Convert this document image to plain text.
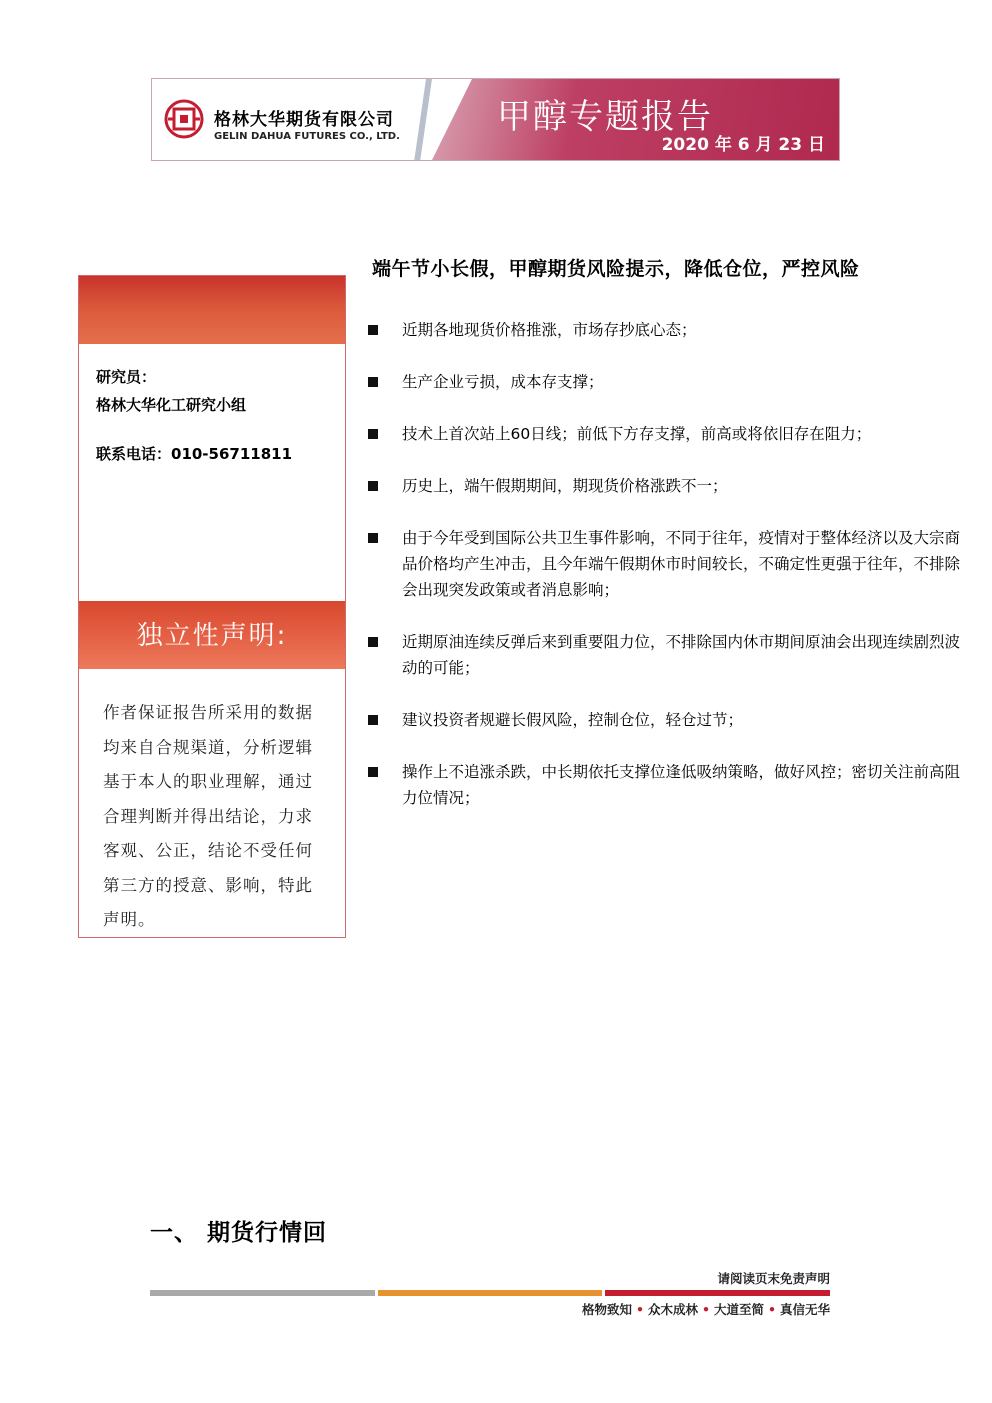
格林大华期货有限公司
GELIN DAHUA FUTURES CO., LTD.	甲醇专题报告
2020 年 6 月 23 日
端午节小长假，甲醇期货风险提示，降低仓位，严控风险
研究员：
格林大华化工研究小组
联系电话：010-56711811
独立性声明:
作者保证报告所采用的数据均来自合规渠道，分析逻辑基于本人的职业理解，通过合理判断并得出结论，力求客观、公正，结论不受任何第三方的授意、影响，特此声明。
近期各地现货价格推涨，市场存抄底心态；
生产企业亏损，成本存支撑；
技术上首次站上60日线；前低下方存支撑，前高或将依旧存在阻力；
历史上，端午假期期间，期现货价格涨跌不一；
由于今年受到国际公共卫生事件影响，不同于往年，疫情对于整体经济以及大宗商品价格均产生冲击，且今年端午假期休市时间较长，不确定性更强于往年，不排除会出现突发政策或者消息影响；
近期原油连续反弹后来到重要阻力位，不排除国内休市期间原油会出现连续剧烈波动的可能；
建议投资者规避长假风险，控制仓位，轻仓过节；
操作上不追涨杀跌，中长期依托支撑位逢低吸纳策略，做好风控；密切关注前高阻力位情况；
一、 期货行情回
请阅读页末免责声明
格物致知 • 众木成林 • 大道至简 • 真信无华
